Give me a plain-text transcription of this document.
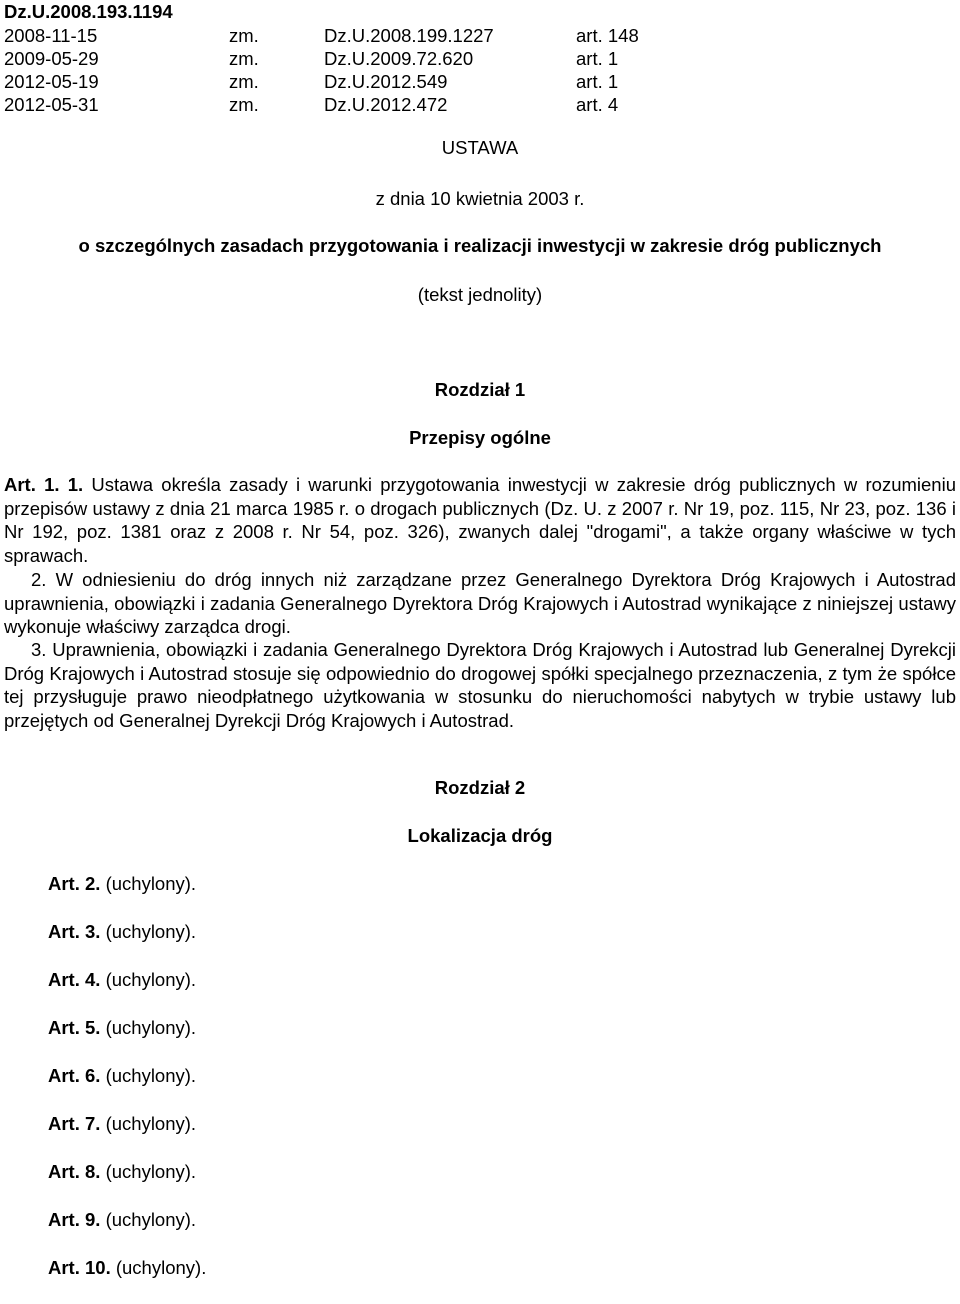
Dz.U.2008.193.1194
2008-11-15	zm.	Dz.U.2008.199.1227	art. 148
2009-05-29	zm.	Dz.U.2009.72.620	art. 1
2012-05-19	zm.	Dz.U.2012.549	art. 1
2012-05-31	zm.	Dz.U.2012.472	art. 4
USTAWA
z dnia 10 kwietnia 2003 r.
o szczególnych zasadach przygotowania i realizacji inwestycji w zakresie dróg publicznych
(tekst jednolity)
Rozdział 1
Przepisy ogólne
Art. 1. 1. Ustawa określa zasady i warunki przygotowania inwestycji w zakresie dróg publicznych w rozumieniu przepisów ustawy z dnia 21 marca 1985 r. o drogach publicznych (Dz. U. z 2007 r. Nr 19, poz. 115, Nr 23, poz. 136 i Nr 192, poz. 1381 oraz z 2008 r. Nr 54, poz. 326), zwanych dalej "drogami", a także organy właściwe w tych sprawach.
2. W odniesieniu do dróg innych niż zarządzane przez Generalnego Dyrektora Dróg Krajowych i Autostrad uprawnienia, obowiązki i zadania Generalnego Dyrektora Dróg Krajowych i Autostrad wynikające z niniejszej ustawy wykonuje właściwy zarządca drogi.
3. Uprawnienia, obowiązki i zadania Generalnego Dyrektora Dróg Krajowych i Autostrad lub Generalnej Dyrekcji Dróg Krajowych i Autostrad stosuje się odpowiednio do drogowej spółki specjalnego przeznaczenia, z tym że spółce tej przysługuje prawo nieodpłatnego użytkowania w stosunku do nieruchomości nabytych w trybie ustawy lub przejętych od Generalnej Dyrekcji Dróg Krajowych i Autostrad.
Rozdział 2
Lokalizacja dróg
Art. 2. (uchylony).
Art. 3. (uchylony).
Art. 4. (uchylony).
Art. 5. (uchylony).
Art. 6. (uchylony).
Art. 7. (uchylony).
Art. 8. (uchylony).
Art. 9. (uchylony).
Art. 10. (uchylony).
